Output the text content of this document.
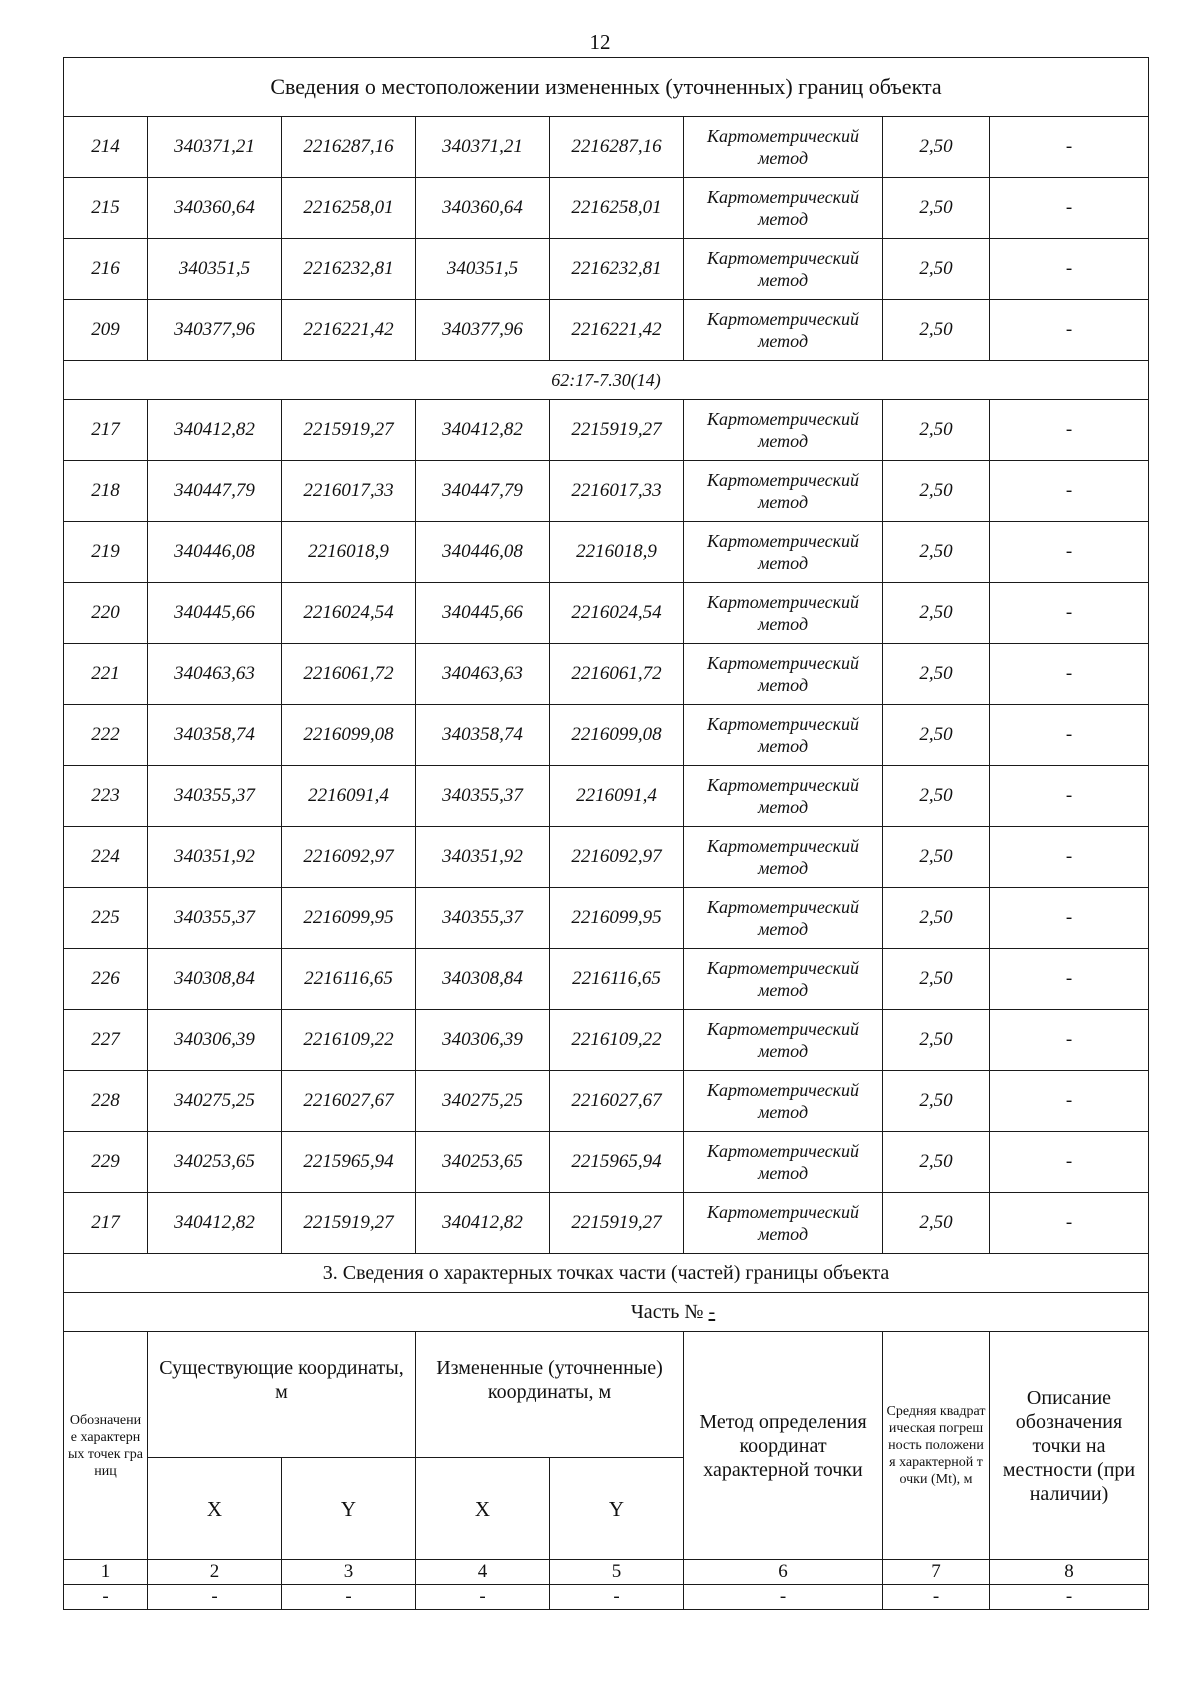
12
Сведения о местоположении измененных (уточненных) границ объекта							
214	340371,21	2216287,16	340371,21	2216287,16	Картометрический метод	2,50	-
215	340360,64	2216258,01	340360,64	2216258,01	Картометрический метод	2,50	-
216	340351,5	2216232,81	340351,5	2216232,81	Картометрический метод	2,50	-
209	340377,96	2216221,42	340377,96	2216221,42	Картометрический метод	2,50	-
62:17-7.30(14)							
217	340412,82	2215919,27	340412,82	2215919,27	Картометрический метод	2,50	-
218	340447,79	2216017,33	340447,79	2216017,33	Картометрический метод	2,50	-
219	340446,08	2216018,9	340446,08	2216018,9	Картометрический метод	2,50	-
220	340445,66	2216024,54	340445,66	2216024,54	Картометрический метод	2,50	-
221	340463,63	2216061,72	340463,63	2216061,72	Картометрический метод	2,50	-
222	340358,74	2216099,08	340358,74	2216099,08	Картометрический метод	2,50	-
223	340355,37	2216091,4	340355,37	2216091,4	Картометрический метод	2,50	-
224	340351,92	2216092,97	340351,92	2216092,97	Картометрический метод	2,50	-
225	340355,37	2216099,95	340355,37	2216099,95	Картометрический метод	2,50	-
226	340308,84	2216116,65	340308,84	2216116,65	Картометрический метод	2,50	-
227	340306,39	2216109,22	340306,39	2216109,22	Картометрический метод	2,50	-
228	340275,25	2216027,67	340275,25	2216027,67	Картометрический метод	2,50	-
229	340253,65	2215965,94	340253,65	2215965,94	Картометрический метод	2,50	-
217	340412,82	2215919,27	340412,82	2215919,27	Картометрический метод	2,50	-
3. Сведения о характерных точках части (частей) границы объекта							
Часть № -							
Обозначение характерных точек границ	Существующие координаты, м		Измененные (уточненные) координаты, м		Метод определения координат характерной точки	Средняя квадратическая погрешность положения характерной точки (Mt), м	Описание обозначения точки на местности (при наличии)
	X	Y	X	Y			
1	2	3	4	5	6	7	8
-	-	-	-	-	-	-	-
